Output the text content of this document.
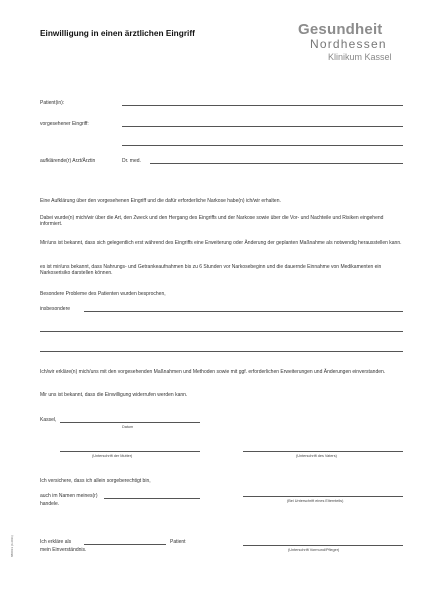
Einwilligung in einen ärztlichen Eingriff	Gesundheit
Nordhessen
Klinikum Kassel
Patient(in):
vorgesehener Eingriff:
aufklärende(r) Arzt/Ärztin	Dr. med.
Eine Aufklärung über den vorgesehenen Eingriff und die dafür erforderliche Narkose habe(n) ich/wir erhalten.
Dabei wurde(n) mich/wir über die Art, den Zweck und den Hergang des Eingriffs und der Narkose sowie über die Vor- und Nachteile und Risiken eingehend informiert.
Mir/uns ist bekannt, dass sich gelegentlich erst während des Eingriffs eine Erweiterung oder Änderung der geplanten Maßnahme als notwendig herausstellen kann.
es ist mir/uns bekannt, dass Nahrungs- und Getrankeaufnahmen bis zu 6 Stunden vor Narkosebeginn und die dauernde Einnahme von Medikamenten ein Narkoserisiko darstellen können.
Besondere Probleme des Patienten wurden besprochen,
insbesondere
Ich/wir erkläre(n) mich/uns mit den vorgesehenden Maßnahmen und Methoden sowie mit ggf. erforderlichen Erweiterungen und Änderungen einverstanden.
Mir uns ist bekannt, dass die Einwilligung widerrufen werden kann.
Kassel,
Datum
(Unterschrift der Mutter)	(Unterschrift des Vaters)
Ich versichere, dass ich allein sorgeberechtigt bin,
auch im Namen meines(r)
handele.	(Bei Unterschrift eines Elternteils)
Ich erkläre als	Patient
mein Einverständnis.	(Unterschrift Vormund/Pfleger)
880013 (4.2011)
